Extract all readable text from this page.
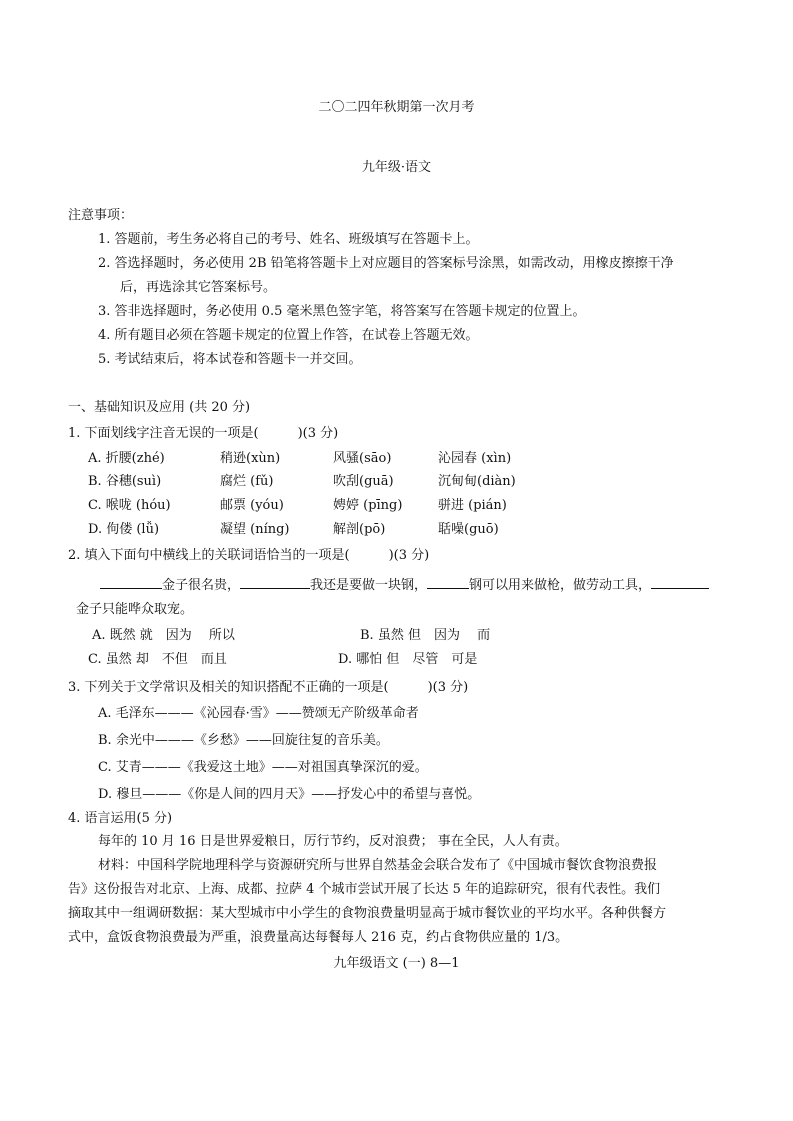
二〇二四年秋期第一次月考
九年级·语文
注意事项：
1. 答题前，考生务必将自己的考号、姓名、班级填写在答题卡上。
2. 答选择题时，务必使用 2B 铅笔将答题卡上对应题目的答案标号涂黑，如需改动，用橡皮擦擦干净
后，再选涂其它答案标号。
3. 答非选择题时，务必使用 0.5 毫米黑色签字笔，将答案写在答题卡规定的位置上。
4. 所有题目必须在答题卡规定的位置上作答，在试卷上答题无效。
5. 考试结束后，将本试卷和答题卡一并交回。
一、基础知识及应用 (共 20 分)
1. 下面划线字注音无误的一项是(　　　)(3 分)
A. 折腰(zhé)	稍逊(xùn)	风骚(sāo)	沁园春 (xìn)
B. 谷穗(suì)	腐烂 (fǔ)	吹刮(guā)	沉甸甸(diàn)
C. 喉咙 (hóu)	邮票 (yóu)	娉婷 (pīng)	骈进 (pián)
D. 佝偻 (lǚ)	凝望 (níng)	解剖(pō)	聒噪(guō)
2. 填入下面句中横线上的关联词语恰当的一项是(　　　)(3 分)
金子很名贵，	我还是要做一块钢，	钢可以用来做枪，做劳动工具，
金子只能哗众取宠。
A. 既然 就　因为　 所以	B. 虽然 但　因为　 而
C. 虽然 却　不但　而且	D. 哪怕 但　尽管　可是
3. 下列关于文学常识及相关的知识搭配不正确的一项是(　　　)(3 分)
A. 毛泽东———《沁园春·雪》——赞颂无产阶级革命者
B. 余光中———《乡愁》——回旋往复的音乐美。
C. 艾青———《我爱这土地》——对祖国真挚深沉的爱。
D. 穆旦———《你是人间的四月天》——抒发心中的希望与喜悦。
4. 语言运用(5 分)
每年的 10 月 16 日是世界爱粮日，厉行节约，反对浪费； 事在全民，人人有责。
材料：中国科学院地理科学与资源研究所与世界自然基金会联合发布了《中国城市餐饮食物浪费报
告》这份报告对北京、上海、成都、拉萨 4 个城市尝试开展了长达 5 年的追踪研究，很有代表性。我们
摘取其中一组调研数据：某大型城市中小学生的食物浪费量明显高于城市餐饮业的平均水平。各种供餐方
式中，盒饭食物浪费最为严重，浪费量高达每餐每人 216 克，约占食物供应量的 1/3。
九年级语文 (一) 8—1
